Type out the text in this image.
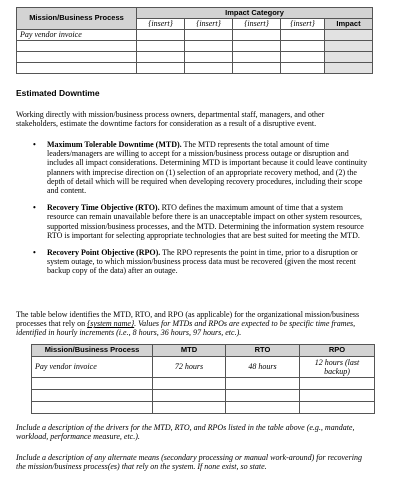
Mission/Business Process	Impact Category				
	{insert}	{insert}	{insert}	{insert}	Impact
Pay vendor invoice					

Estimated Downtime

Working directly with mission/business process owners, departmental staff, managers, and other stakeholders, estimate the downtime factors for consideration as a result of a disruptive event.

• Maximum Tolerable Downtime (MTD). The MTD represents the total amount of time leaders/managers are willing to accept for a mission/business process outage or disruption and includes all impact considerations. Determining MTD is important because it could leave continuity planners with imprecise direction on (1) selection of an appropriate recovery method, and (2) the depth of detail which will be required when developing recovery procedures, including their scope and content.
• Recovery Time Objective (RTO). RTO defines the maximum amount of time that a system resource can remain unavailable before there is an unacceptable impact on other system resources, supported mission/business processes, and the MTD. Determining the information system resource RTO is important for selecting appropriate technologies that are best suited for meeting the MTD.
• Recovery Point Objective (RPO). The RPO represents the point in time, prior to a disruption or system outage, to which mission/business process data must be recovered (given the most recent backup copy of the data) after an outage.

The table below identifies the MTD, RTO, and RPO (as applicable) for the organizational mission/business processes that rely on {system name}. Values for MTDs and RPOs are expected to be specific time frames, identified in hourly increments (i.e., 8 hours, 36 hours, 97 hours, etc.).

Mission/Business Process	MTD	RTO	RPO
Pay vendor invoice	72 hours	48 hours	12 hours (last backup)

Include a description of the drivers for the MTD, RTO, and RPOs listed in the table above (e.g., mandate, workload, performance measure, etc.).

Include a description of any alternate means (secondary processing or manual work-around) for recovering the mission/business process(es) that rely on the system. If none exist, so state.
